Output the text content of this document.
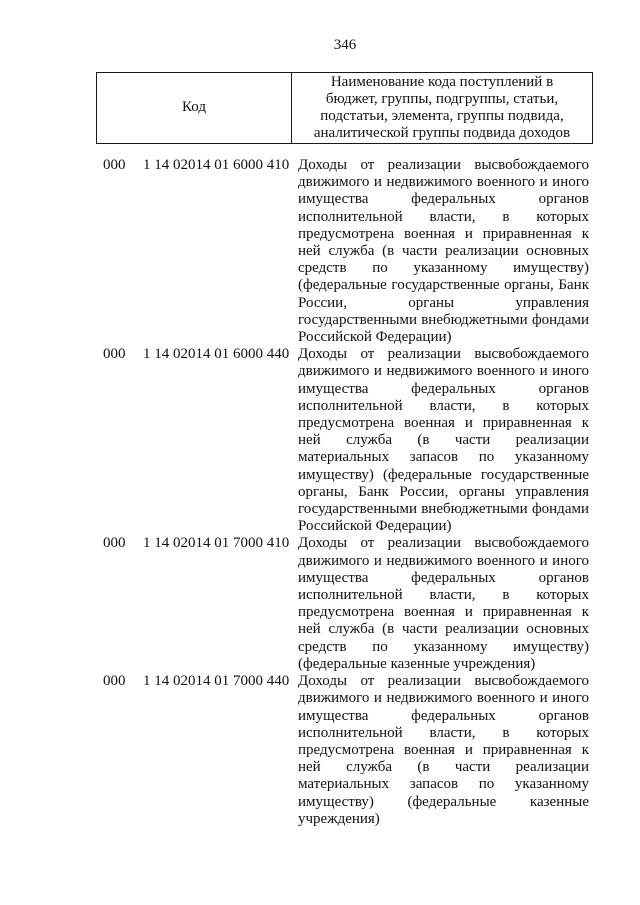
346
Код
Наименование кода поступлений в бюджет, группы, подгруппы, статьи, подстатьи, элемента, группы подвида, аналитической группы подвида доходов
000	1 14 02014 01 6000 410 Доходы от реализации высвобождаемого движимого и недвижимого военного и иного имущества федеральных органов исполнительной власти, в которых предусмотрена военная и приравненная к ней служба (в части реализации основных средств по указанному имуществу) (федеральные государственные органы, Банк России, органы управления государственными внебюджетными фондами Российской Федерации)
000	1 14 02014 01 6000 440 Доходы от реализации высвобождаемого движимого и недвижимого военного и иного имущества федеральных органов исполнительной власти, в которых предусмотрена военная и приравненная к ней служба (в части реализации материальных запасов по указанному имуществу) (федеральные государственные органы, Банк России, органы управления государственными внебюджетными фондами Российской Федерации)
000	1 14 02014 01 7000 410 Доходы от реализации высвобождаемого движимого и недвижимого военного и иного имущества федеральных органов исполнительной власти, в которых предусмотрена военная и приравненная к ней служба (в части реализации основных средств по указанному имуществу) (федеральные казенные учреждения)
000	1 14 02014 01 7000 440 Доходы от реализации высвобождаемого движимого и недвижимого военного и иного имущества федеральных органов исполнительной власти, в которых предусмотрена военная и приравненная к ней служба (в части реализации материальных запасов по указанному имуществу) (федеральные казенные учреждения)
